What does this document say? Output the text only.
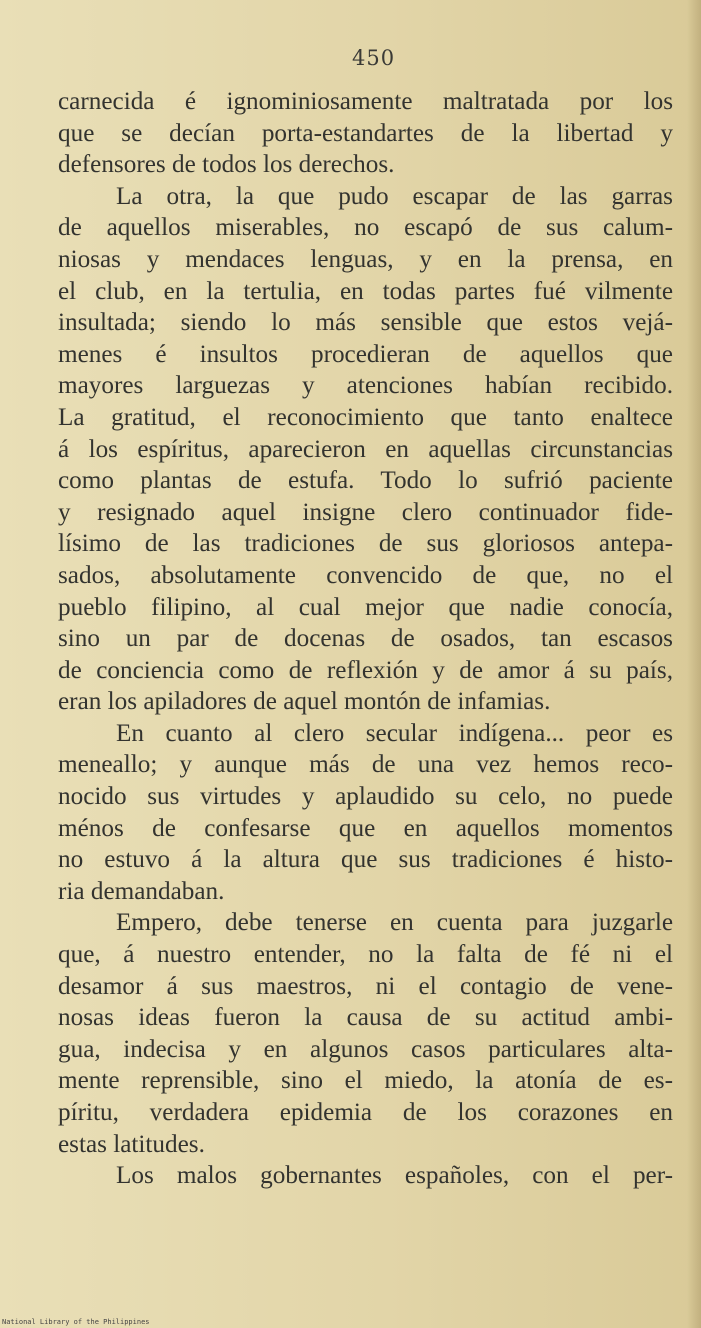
450
carnecida é ignominiosamente maltratada por los
que se decían porta-estandartes de la libertad y
defensores de todos los derechos.
La otra, la que pudo escapar de las garras
de aquellos miserables, no escapó de sus calum-
niosas y mendaces lenguas, y en la prensa, en
el club, en la tertulia, en todas partes fué vilmente
insultada; siendo lo más sensible que estos vejá-
menes é insultos procedieran de aquellos que
mayores larguezas y atenciones habían recibido.
La gratitud, el reconocimiento que tanto enaltece
á los espíritus, aparecieron en aquellas circunstancias
como plantas de estufa. Todo lo sufrió paciente
y resignado aquel insigne clero continuador fide-
lísimo de las tradiciones de sus gloriosos antepa-
sados, absolutamente convencido de que, no el
pueblo filipino, al cual mejor que nadie conocía,
sino un par de docenas de osados, tan escasos
de conciencia como de reflexión y de amor á su país,
eran los apiladores de aquel montón de infamias.
En cuanto al clero secular indígena... peor es
meneallo; y aunque más de una vez hemos reco-
nocido sus virtudes y aplaudido su celo, no puede
ménos de confesarse que en aquellos momentos
no estuvo á la altura que sus tradiciones é histo-
ria demandaban.
Empero, debe tenerse en cuenta para juzgarle
que, á nuestro entender, no la falta de fé ni el
desamor á sus maestros, ni el contagio de vene-
nosas ideas fueron la causa de su actitud ambi-
gua, indecisa y en algunos casos particulares alta-
mente reprensible, sino el miedo, la atonía de es-
píritu, verdadera epidemia de los corazones en
estas latitudes.
Los malos gobernantes españoles, con el per-
National Library of the Philippines
